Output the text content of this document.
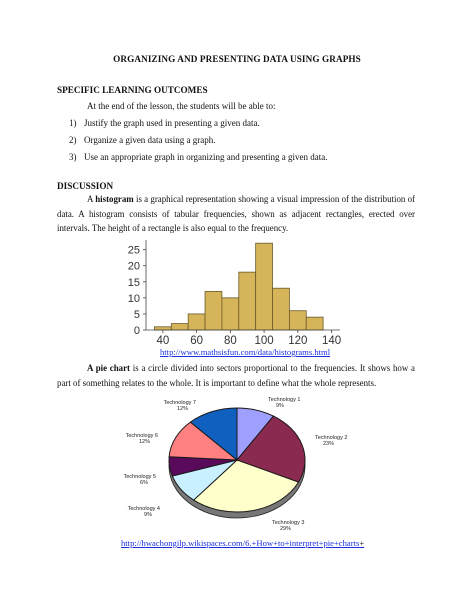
ORGANIZING AND PRESENTING DATA USING GRAPHS
SPECIFIC LEARNING OUTCOMES
At the end of the lesson, the students will be able to:
1) Justify the graph used in presenting a given data.
2) Organize a given data using a graph.
3) Use an appropriate graph in organizing and presenting a given data.
DISCUSSION
A histogram is a graphical representation showing a visual impression of the distribution of data. A histogram consists of tabular frequencies, shown as adjacent rectangles, erected over intervals. The height of a rectangle is also equal to the frequency.
0
5
10
15
20
25
40 60 80 100 120 140
http://www.mathsisfun.com/data/histograms.html
A pie chart is a circle divided into sectors proportional to the frequencies. It shows how a part of something relates to the whole. It is important to define what the whole represents.
Technology 1
9%
Technology 2
23%
Technology 3
29%
Technology 4
9%
Technology 5
6%
Technology 6
12%
Technology 7
12%
http://hwachongilp.wikispaces.com/6.+How+to+interpret+pie+charts+
